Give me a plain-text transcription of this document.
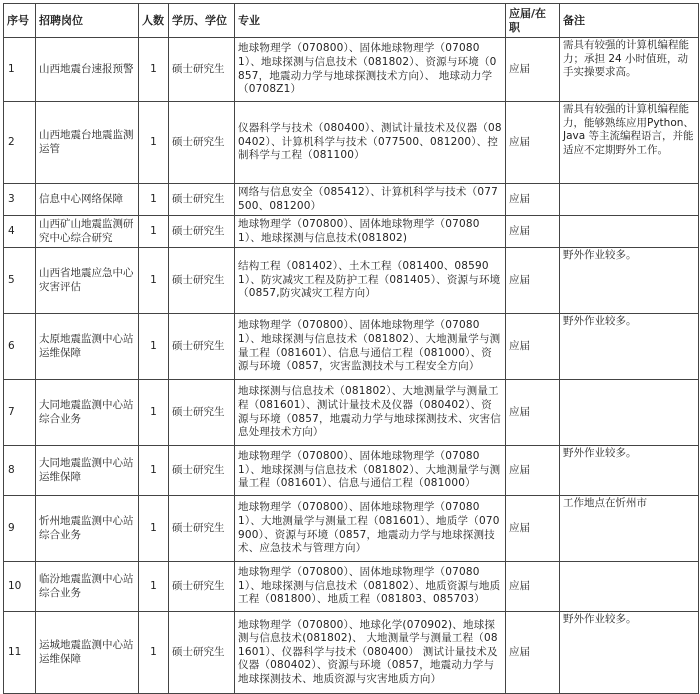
序号	招聘岗位	人数	学历、学位	专业	应届/在职	备注
1	山西地震台速报预警	1	硕士研究生	地球物理学（070800）、固体地球物理学（070801）、地球探测与信息技术（081802）、资源与环境（0857，地震动力学与地球探测技术方向）、 地球动力学（0708Z1）	应届	需具有较强的计算机编程能力；承担 24 小时值班，动手实操要求高。
2	山西地震台地震监测运管	1	硕士研究生	仪器科学与技术（080400）、测试计量技术及仪器（080402）、计算机科学与技术（077500、081200）、控制科学与工程（081100）	应届	需具有较强的计算机编程能力，能够熟练应用Python、Java 等主流编程语言，并能适应不定期野外工作。
3	信息中心网络保障	1	硕士研究生	网络与信息安全（085412）、计算机科学与技术（077500、081200）	应届	
4	山西矿山地震监测研究中心综合研究	1	硕士研究生	地球物理学（070800）、固体地球物理学（070801）、地球探测与信息技术(081802)	应届	
5	山西省地震应急中心灾害评估	1	硕士研究生	结构工程（081402）、土木工程（081400、085901）、防灾减灾工程及防护工程（081405）、资源与环境（0857,防灾减灾工程方向）	应届	野外作业较多。
6	太原地震监测中心站运维保障	1	硕士研究生	地球物理学（070800）、固体地球物理学（070801）、地球探测与信息技术（081802）、大地测量学与测量工程（081601）、信息与通信工程（081000）、资源与环境（0857，灾害监测技术与工程安全方向）	应届	野外作业较多。
7	大同地震监测中心站综合业务	1	硕士研究生	地球探测与信息技术（081802）、大地测量学与测量工程（081601）、测试计量技术及仪器（080402）、资源与环境（0857，地震动力学与地球探测技术、灾害信息处理技术方向）	应届	
8	大同地震监测中心站运维保障	1	硕士研究生	地球物理学（070800）、固体地球物理学（070801）、地球探测与信息技术（081802）、大地测量学与测量工程（081601）、信息与通信工程（081000）	应届	野外作业较多。
9	忻州地震监测中心站综合业务	1	硕士研究生	地球物理学（070800）、固体地球物理学（070801）、大地测量学与测量工程（081601）、地质学（070900）、资源与环境（0857，地震动力学与地球探测技术、应急技术与管理方向）	应届	工作地点在忻州市
10	临汾地震监测中心站综合业务	1	硕士研究生	地球物理学（070800）、固体地球物理学（070801）、地球探测与信息技术（081802）、地质资源与地质工程（081800）、地质工程（081803、085703）	应届	
11	运城地震监测中心站运维保障	1	硕士研究生	地球物理学（070800）、地球化学(070902)、地球探测与信息技术(081802)、 大地测量学与测量工程（081601）、仪器科学与技术（080400） 测试计量技术及仪器（080402）、资源与环境（0857，地震动力学与地球探测技术、地质资源与灾害地质方向）	应届	野外作业较多。
